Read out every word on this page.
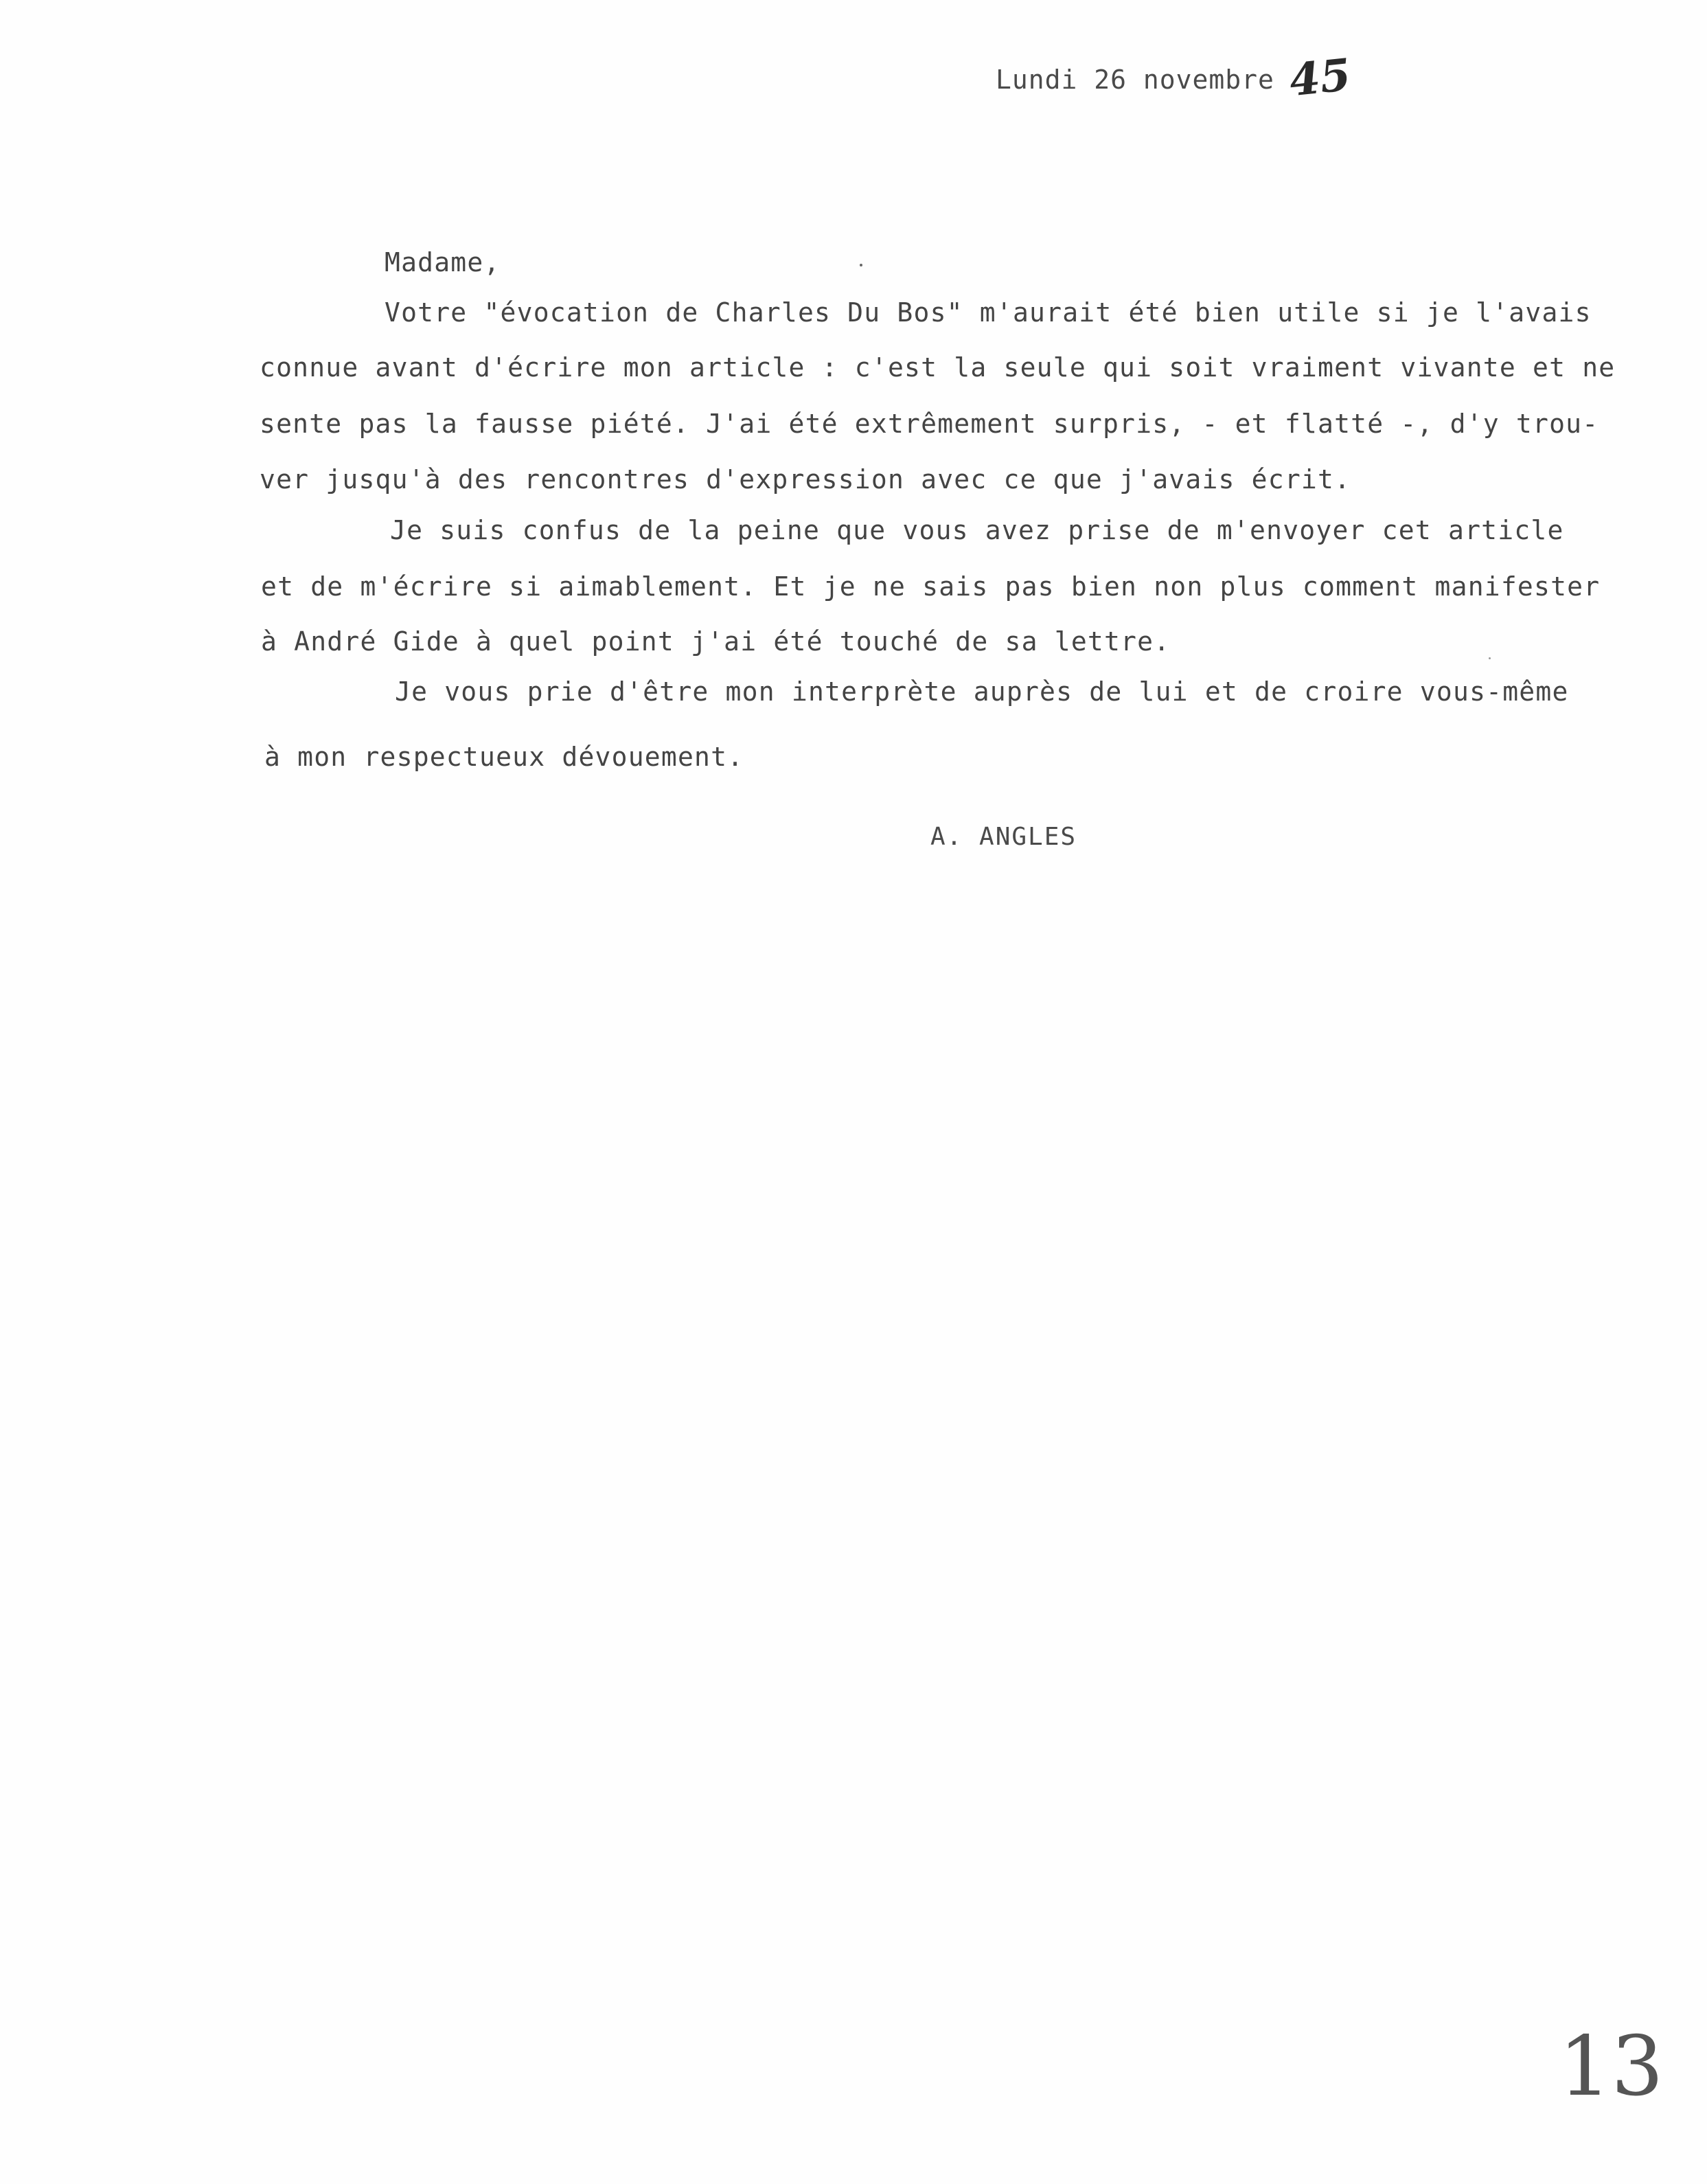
Lundi 26 novembre 45
Madame,
Votre "évocation de Charles Du Bos" m'aurait été bien utile si je l'avais
connue avant d'écrire mon article : c'est la seule qui soit vraiment vivante et ne
sente pas la fausse piété. J'ai été extrêmement surpris, - et flatté -, d'y trou-
ver jusqu'à des rencontres d'expression avec ce que j'avais écrit.
Je suis confus de la peine que vous avez prise de m'envoyer cet article
et de m'écrire si aimablement. Et je ne sais pas bien non plus comment manifester
à André Gide à quel point j'ai été touché de sa lettre.
Je vous prie d'être mon interprète auprès de lui et de croire vous-même
à mon respectueux dévouement.
A. ANGLES
13
